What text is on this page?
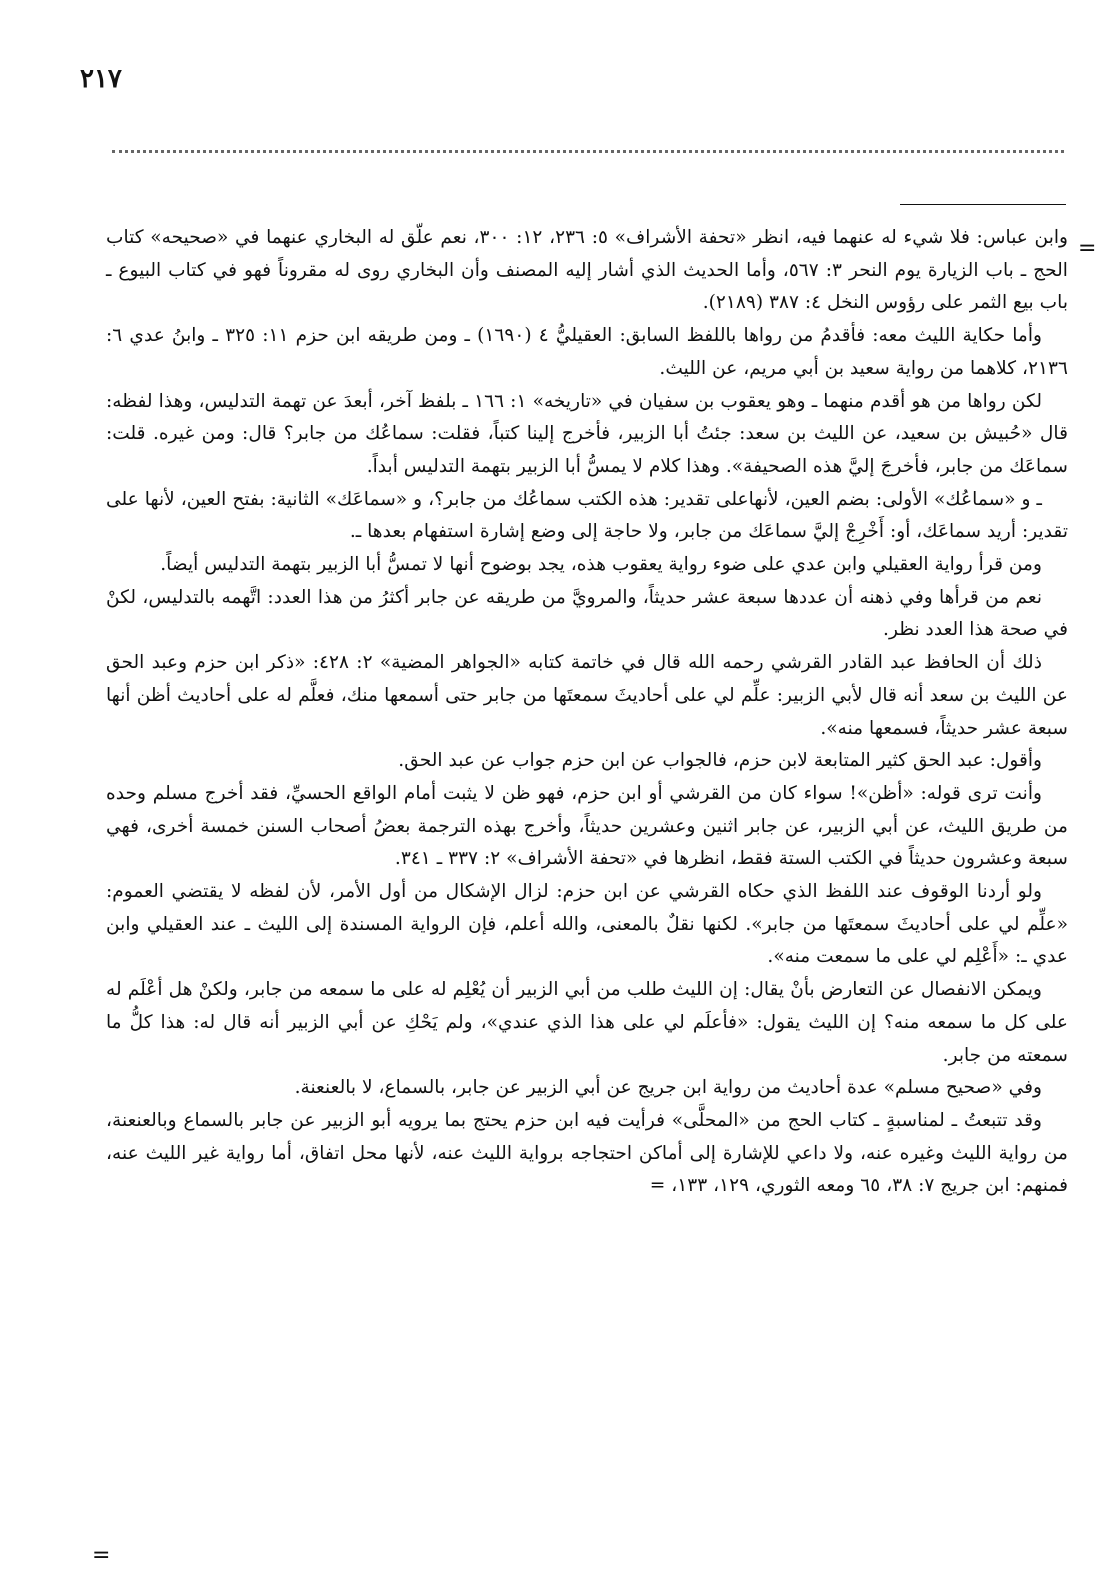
٢١٧
=
=

وابن عباس: فلا شيء له عنهما فيه، انظر «تحفة الأشراف» ٥: ٢٣٦، ١٢: ٣٠٠، نعم علّق له البخاري عنهما في «صحيحه» كتاب الحج ـ باب الزيارة يوم النحر ٣: ٥٦٧، وأما الحديث الذي أشار إليه المصنف وأن البخاري روى له مقروناً فهو في كتاب البيوع ـ باب بيع الثمر على رؤوس النخل ٤: ٣٨٧ (٢١٨٩).

وأما حكاية الليث معه: فأقدمُ من رواها باللفظ السابق: العقيليُّ ٤ (١٦٩٠) ـ ومن طريقه ابن حزم ١١: ٣٢٥ ـ وابنُ عدي ٦: ٢١٣٦، كلاهما من رواية سعيد بن أبي مريم، عن الليث.

لكن رواها من هو أقدم منهما ـ وهو يعقوب بن سفيان في «تاريخه» ١: ١٦٦ ـ بلفظ آخر، أبعدَ عن تهمة التدليس، وهذا لفظه: قال «حُبيش بن سعيد، عن الليث بن سعد: جئتُ أبا الزبير، فأخرج إلينا كتباً، فقلت: سماعُك من جابر؟ قال: ومن غيره. قلت: سماعَك من جابر، فأخرجَ إليَّ هذه الصحيفة». وهذا كلام لا يمسُّ أبا الزبير بتهمة التدليس أبداً.

ـ و «سماعُك» الأولى: بضم العين، لأنهاعلى تقدير: هذه الكتب سماعُك من جابر؟، و «سماعَك» الثانية: بفتح العين، لأنها على تقدير: أريد سماعَك، أو: أَخْرِجْ إليَّ سماعَك من جابر، ولا حاجة إلى وضع إشارة استفهام بعدها ـ.

ومن قرأ رواية العقيلي وابن عدي على ضوء رواية يعقوب هذه، يجد بوضوح أنها لا تمسُّ أبا الزبير بتهمة التدليس أيضاً.

نعم من قرأها وفي ذهنه أن عددها سبعة عشر حديثاً، والمرويَّ من طريقه عن جابر أكثرُ من هذا العدد: اتَّهمه بالتدليس، لكنْ في صحة هذا العدد نظر.

ذلك أن الحافظ عبد القادر القرشي رحمه الله قال في خاتمة كتابه «الجواهر المضية» ٢: ٤٢٨: «ذكر ابن حزم وعبد الحق عن الليث بن سعد أنه قال لأبي الزبير: علِّم لي على أحاديثَ سمعتَها من جابر حتى أسمعها منك، فعلَّم له على أحاديث أظن أنها سبعة عشر حديثاً، فسمعها منه».

وأقول: عبد الحق كثير المتابعة لابن حزم، فالجواب عن ابن حزم جواب عن عبد الحق.

وأنت ترى قوله: «أظن»! سواء كان من القرشي أو ابن حزم، فهو ظن لا يثبت أمام الواقع الحسيِّ، فقد أخرج مسلم وحده من طريق الليث، عن أبي الزبير، عن جابر اثنين وعشرين حديثاً، وأخرج بهذه الترجمة بعضُ أصحاب السنن خمسة أخرى، فهي سبعة وعشرون حديثاً في الكتب الستة فقط، انظرها في «تحفة الأشراف» ٢: ٣٣٧ ـ ٣٤١.

ولو أردنا الوقوف عند اللفظ الذي حكاه القرشي عن ابن حزم: لزال الإشكال من أول الأمر، لأن لفظه لا يقتضي العموم: «علِّم لي على أحاديثَ سمعتَها من جابر». لكنها نقلٌ بالمعنى، والله أعلم، فإن الرواية المسندة إلى الليث ـ عند العقيلي وابن عدي ـ: «أَعْلِم لي على ما سمعت منه».

ويمكن الانفصال عن التعارض بأنْ يقال: إن الليث طلب من أبي الزبير أن يُعْلِم له على ما سمعه من جابر، ولكنْ هل أعْلَم له على كل ما سمعه منه؟ إن الليث يقول: «فأعلَم لي على هذا الذي عندي»، ولم يَحْكِ عن أبي الزبير أنه قال له: هذا كلُّ ما سمعته من جابر.

وفي «صحيح مسلم» عدة أحاديث من رواية ابن جريج عن أبي الزبير عن جابر، بالسماع، لا بالعنعنة.

وقد تتبعتُ ـ لمناسبةٍ ـ كتاب الحج من «المحلَّى» فرأيت فيه ابن حزم يحتج بما يرويه أبو الزبير عن جابر بالسماع وبالعنعنة، من رواية الليث وغيره عنه، ولا داعي للإشارة إلى أماكن احتجاجه برواية الليث عنه، لأنها محل اتفاق، أما رواية غير الليث عنه، فمنهم: ابن جريج ٧: ٣٨، ٦٥ ومعه الثوري، ١٢٩، ١٣٣، =
